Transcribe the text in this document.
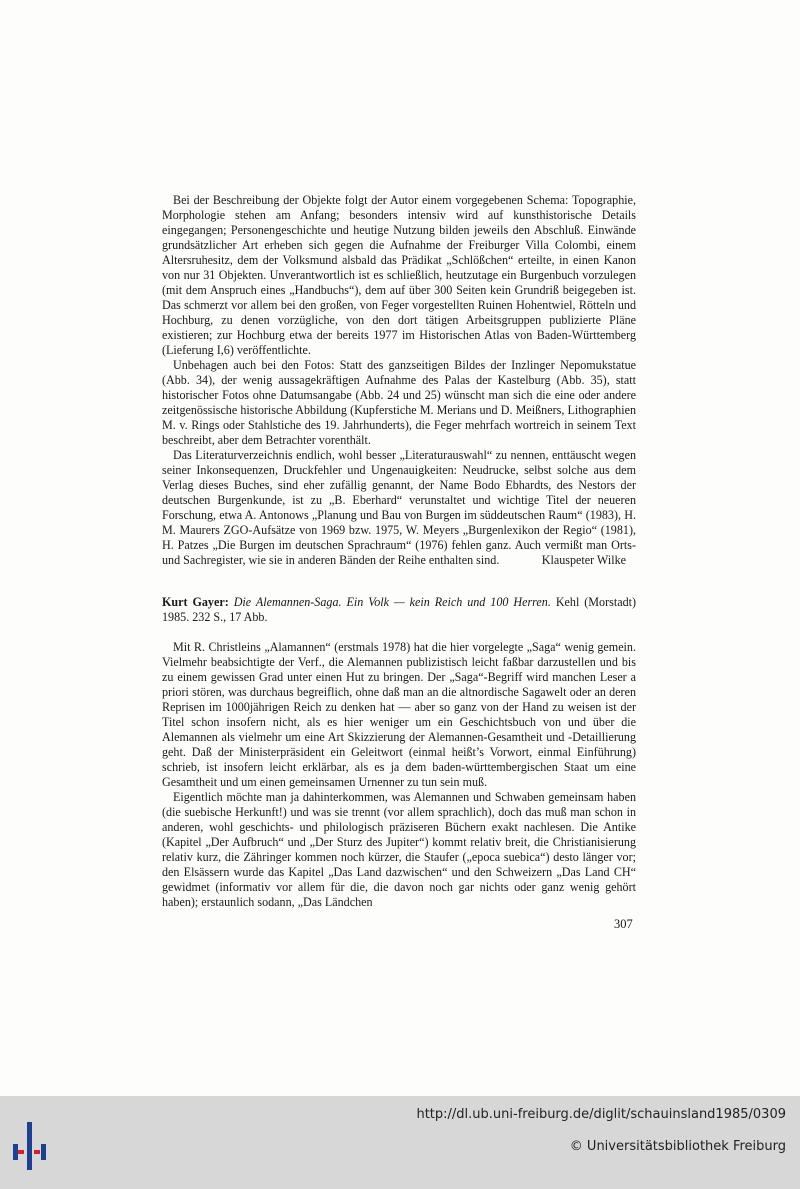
Bei der Beschreibung der Objekte folgt der Autor einem vorgegebenen Schema: Topographie, Morphologie stehen am Anfang; besonders intensiv wird auf kunsthistorische Details eingegangen; Personengeschichte und heutige Nutzung bilden jeweils den Abschluß. Einwände grundsätzlicher Art erheben sich gegen die Aufnahme der Freiburger Villa Colombi, einem Altersruhesitz, dem der Volksmund alsbald das Prädikat „Schlößchen“ erteilte, in einen Kanon von nur 31 Objekten. Unverantwortlich ist es schließlich, heutzutage ein Burgenbuch vorzulegen (mit dem Anspruch eines „Handbuchs“), dem auf über 300 Seiten kein Grundriß beigegeben ist. Das schmerzt vor allem bei den großen, von Feger vorgestellten Ruinen Hohentwiel, Rötteln und Hochburg, zu denen vorzügliche, von den dort tätigen Arbeitsgruppen publizierte Pläne existieren; zur Hochburg etwa der bereits 1977 im Historischen Atlas von Baden-Württemberg (Lieferung I,6) veröffentlichte.

Unbehagen auch bei den Fotos: Statt des ganzseitigen Bildes der Inzlinger Nepomukstatue (Abb. 34), der wenig aussagekräftigen Aufnahme des Palas der Kastelburg (Abb. 35), statt historischer Fotos ohne Datumsangabe (Abb. 24 und 25) wünscht man sich die eine oder andere zeitgenössische historische Abbildung (Kupferstiche M. Merians und D. Meißners, Lithographien M. v. Rings oder Stahlstiche des 19. Jahrhunderts), die Feger mehrfach wortreich in seinem Text beschreibt, aber dem Betrachter vorenthält.

Das Literaturverzeichnis endlich, wohl besser „Literaturauswahl“ zu nennen, enttäuscht wegen seiner Inkonsequenzen, Druckfehler und Ungenauigkeiten: Neudrucke, selbst solche aus dem Verlag dieses Buches, sind eher zufällig genannt, der Name Bodo Ebhardts, des Nestors der deutschen Burgenkunde, ist zu „B. Eberhard“ verunstaltet und wichtige Titel der neueren Forschung, etwa A. Antonows „Planung und Bau von Burgen im süddeutschen Raum“ (1983), H. M. Maurers ZGO-Aufsätze von 1969 bzw. 1975, W. Meyers „Burgenlexikon der Regio“ (1981), H. Patzes „Die Burgen im deutschen Sprachraum“ (1976) fehlen ganz. Auch vermißt man Orts- und Sachregister, wie sie in anderen Bänden der Reihe enthalten sind.	Klauspeter Wilke

Kurt Gayer: Die Alemannen-Saga. Ein Volk — kein Reich und 100 Herren. Kehl (Morstadt) 1985. 232 S., 17 Abb.

Mit R. Christleins „Alamannen“ (erstmals 1978) hat die hier vorgelegte „Saga“ wenig gemein. Vielmehr beabsichtigte der Verf., die Alemannen publizistisch leicht faßbar darzustellen und bis zu einem gewissen Grad unter einen Hut zu bringen. Der „Saga“-Begriff wird manchen Leser a priori stören, was durchaus begreiflich, ohne daß man an die altnordische Sagawelt oder an deren Reprisen im 1000jährigen Reich zu denken hat — aber so ganz von der Hand zu weisen ist der Titel schon insofern nicht, als es hier weniger um ein Geschichtsbuch von und über die Alemannen als vielmehr um eine Art Skizzierung der Alemannen-Gesamtheit und -Detaillierung geht. Daß der Ministerpräsident ein Geleitwort (einmal heißt’s Vorwort, einmal Einführung) schrieb, ist insofern leicht erklärbar, als es ja dem baden-württembergischen Staat um eine Gesamtheit und um einen gemeinsamen Urnenner zu tun sein muß.

Eigentlich möchte man ja dahinterkommen, was Alemannen und Schwaben gemeinsam haben (die suebische Herkunft!) und was sie trennt (vor allem sprachlich), doch das muß man schon in anderen, wohl geschichts- und philologisch präziseren Büchern exakt nachlesen. Die Antike (Kapitel „Der Aufbruch“ und „Der Sturz des Jupiter“) kommt relativ breit, die Christianisierung relativ kurz, die Zähringer kommen noch kürzer, die Staufer („epoca suebica“) desto länger vor; den Elsässern wurde das Kapitel „Das Land dazwischen“ und den Schweizern „Das Land CH“ gewidmet (informativ vor allem für die, die davon noch gar nichts oder ganz wenig gehört haben); erstaunlich sodann, „Das Ländchen

307
http://dl.ub.uni-freiburg.de/diglit/schauinsland1985/0309
© Universitätsbibliothek Freiburg
